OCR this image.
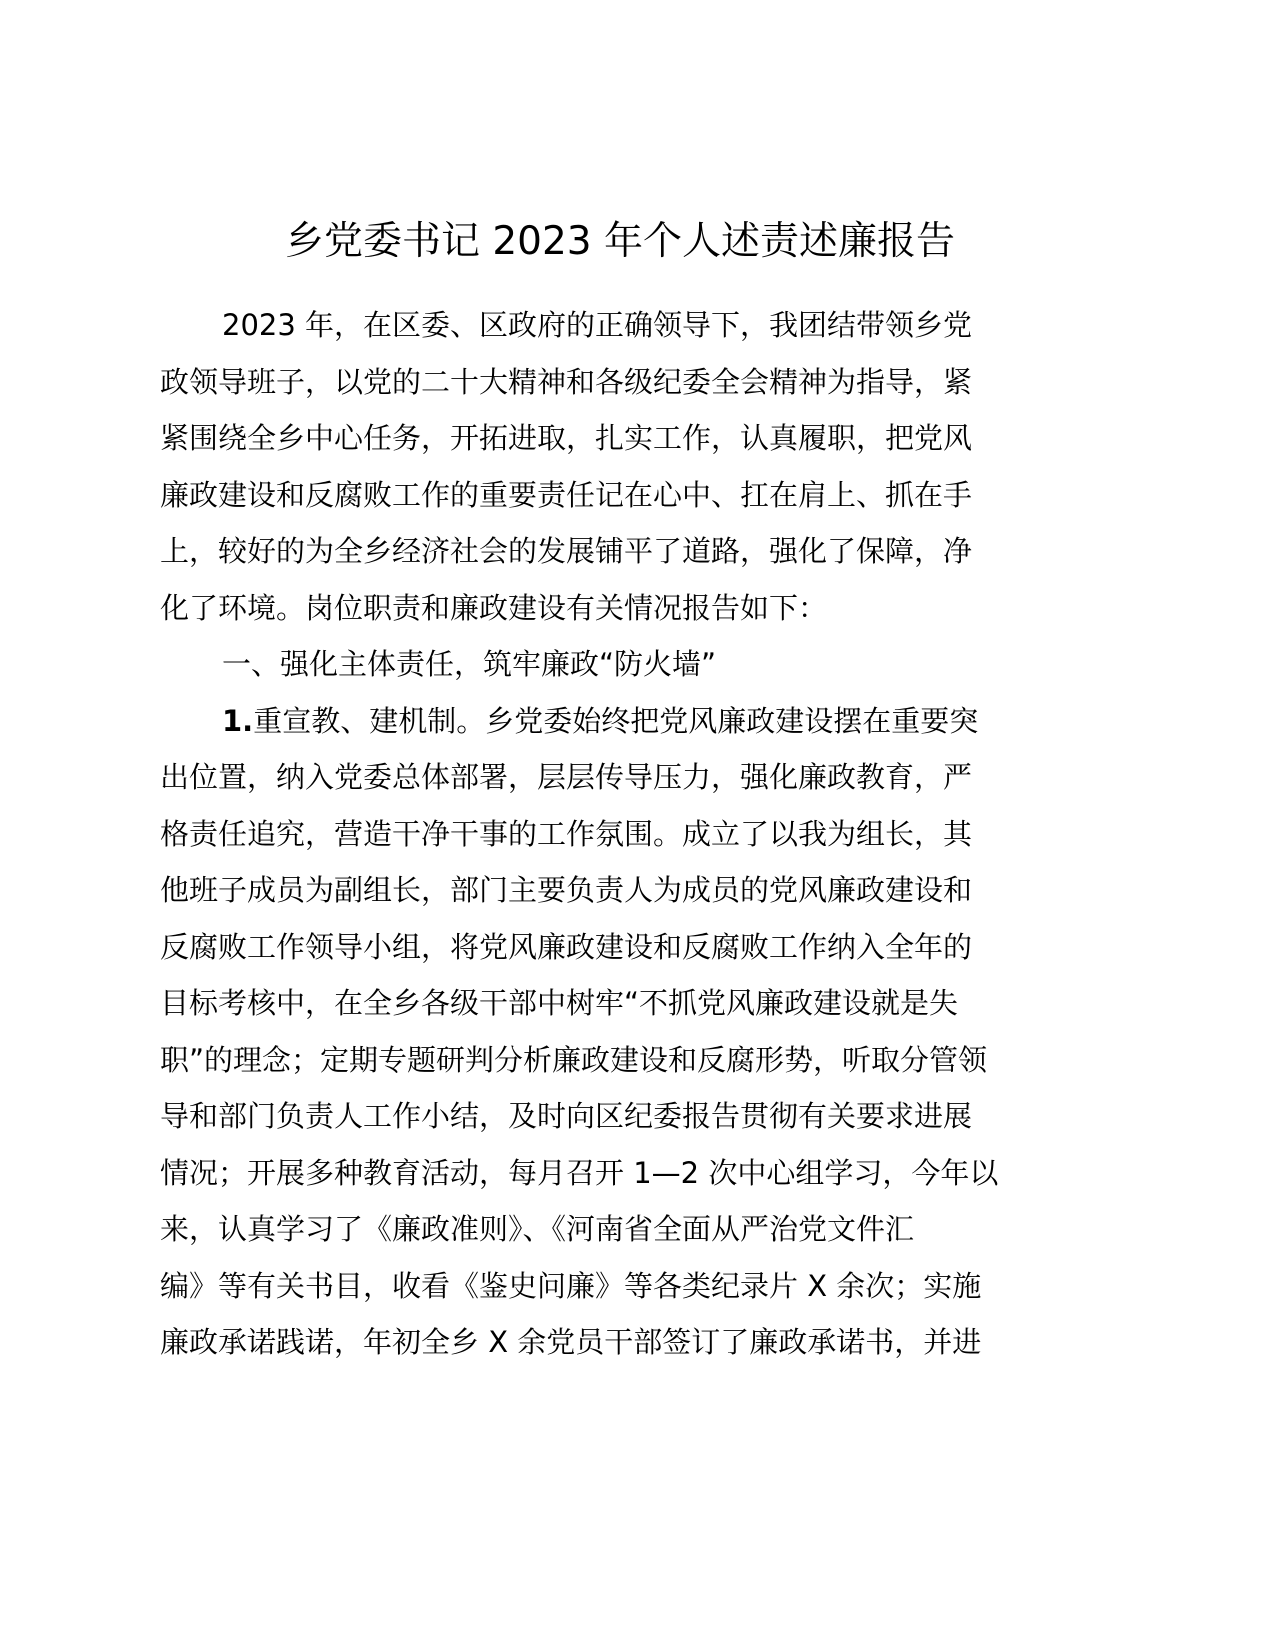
乡党委书记 2023 年个人述责述廉报告
2023 年，在区委、区政府的正确领导下，我团结带领乡党
政领导班子，以党的二十大精神和各级纪委全会精神为指导，紧
紧围绕全乡中心任务，开拓进取，扎实工作，认真履职，把党风
廉政建设和反腐败工作的重要责任记在心中、扛在肩上、抓在手
上，较好的为全乡经济社会的发展铺平了道路，强化了保障，净
化了环境。岗位职责和廉政建设有关情况报告如下：
一、强化主体责任，筑牢廉政“防火墙”
1.重宣教、建机制。乡党委始终把党风廉政建设摆在重要突
出位置，纳入党委总体部署，层层传导压力，强化廉政教育，严
格责任追究，营造干净干事的工作氛围。成立了以我为组长，其
他班子成员为副组长，部门主要负责人为成员的党风廉政建设和
反腐败工作领导小组，将党风廉政建设和反腐败工作纳入全年的
目标考核中，在全乡各级干部中树牢“不抓党风廉政建设就是失
职”的理念；定期专题研判分析廉政建设和反腐形势，听取分管领
导和部门负责人工作小结，及时向区纪委报告贯彻有关要求进展
情况；开展多种教育活动，每月召开 1—2 次中心组学习，今年以
来，认真学习了《廉政准则》、《河南省全面从严治党文件汇
编》等有关书目，收看《鉴史问廉》等各类纪录片 X 余次；实施
廉政承诺践诺，年初全乡 X 余党员干部签订了廉政承诺书，并进
